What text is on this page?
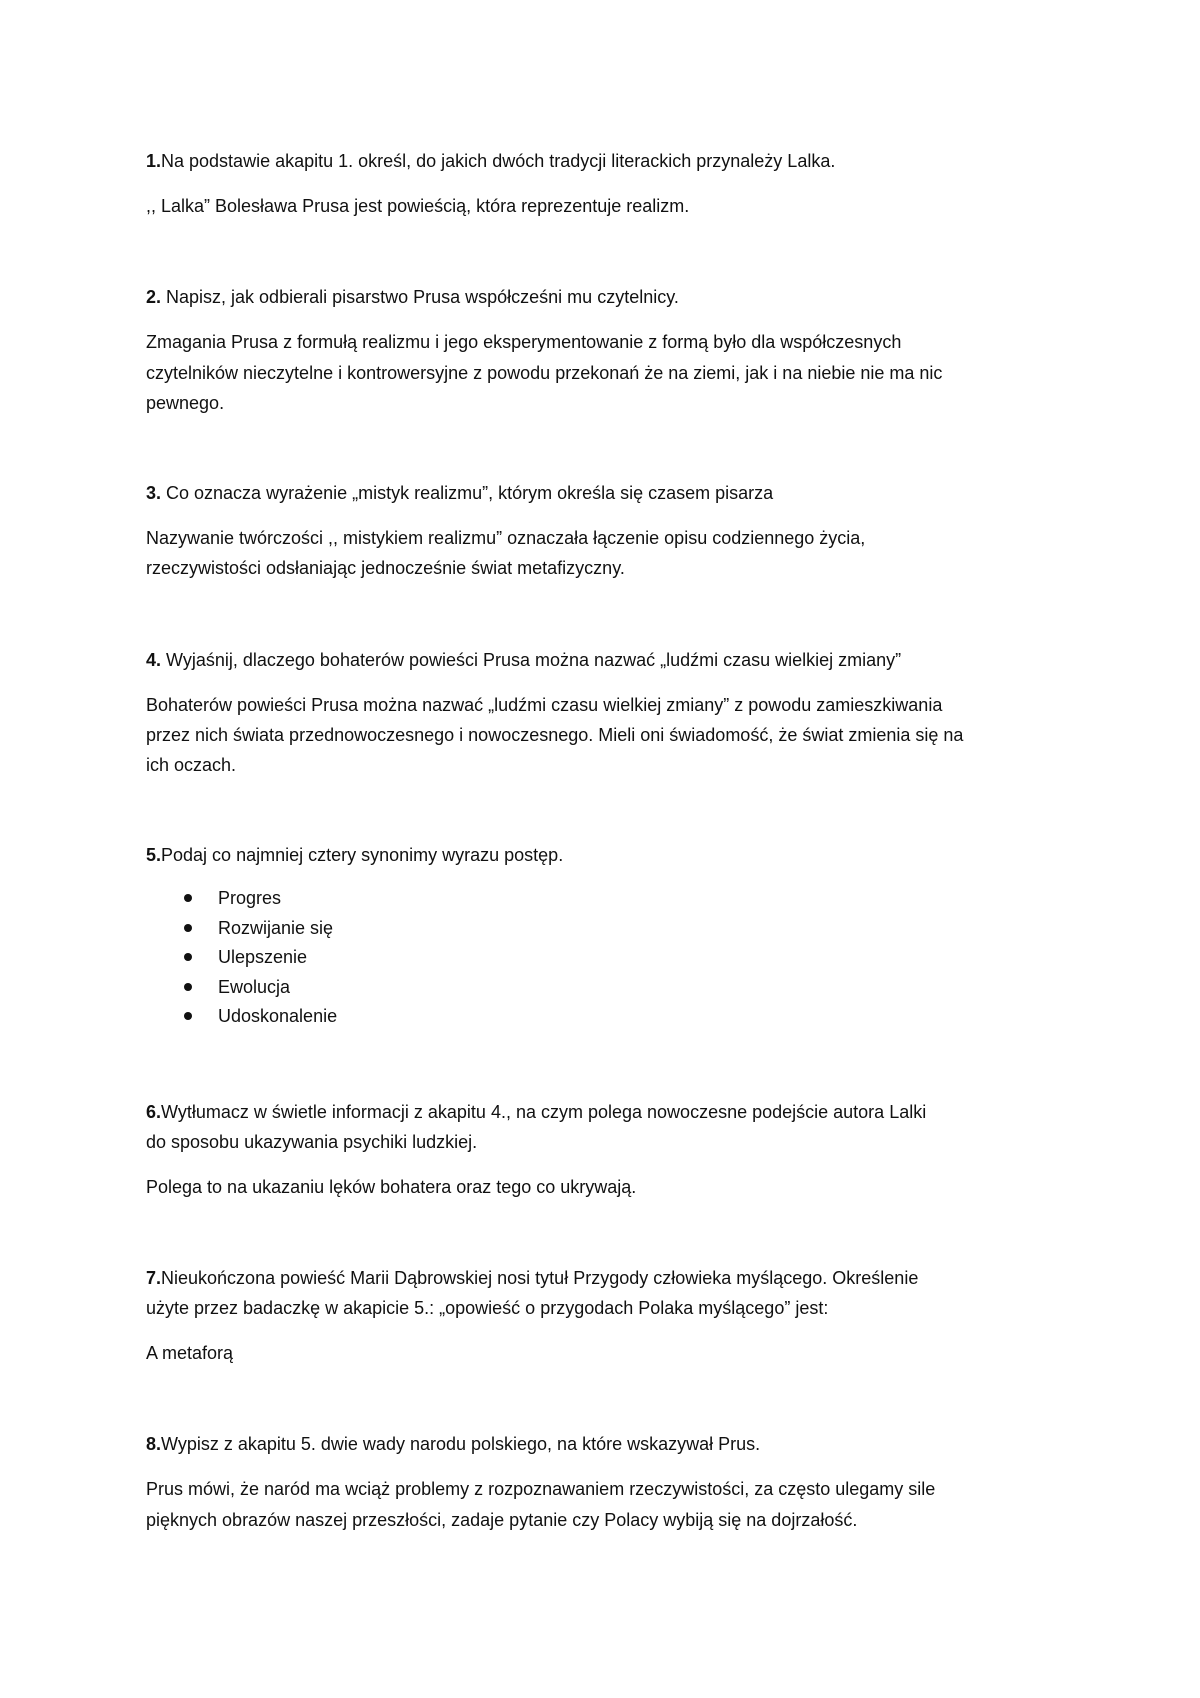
1.Na podstawie akapitu 1. określ, do jakich dwóch tradycji literackich przynależy Lalka.

,, Lalka” Bolesława Prusa jest powieścią, która reprezentuje realizm.

2. Napisz, jak odbierali pisarstwo Prusa współcześni mu czytelnicy.

Zmagania Prusa z formułą realizmu i jego eksperymentowanie z formą było dla współczesnych

czytelników nieczytelne i kontrowersyjne z powodu przekonań że na ziemi, jak i na niebie nie ma nic

pewnego.

3. Co oznacza wyrażenie „mistyk realizmu”, którym określa się czasem pisarza

Nazywanie twórczości ,, mistykiem realizmu” oznaczała łączenie opisu codziennego życia,

rzeczywistości odsłaniając jednocześnie świat metafizyczny.

4. Wyjaśnij, dlaczego bohaterów powieści Prusa można nazwać „ludźmi czasu wielkiej zmiany”

Bohaterów powieści Prusa można nazwać „ludźmi czasu wielkiej zmiany” z powodu zamieszkiwania

przez nich świata przednowoczesnego i nowoczesnego. Mieli oni świadomość, że świat zmienia się na

ich oczach.

5.Podaj co najmniej cztery synonimy wyrazu postęp.

Progres
Rozwijanie się
Ulepszenie
Ewolucja
Udoskonalenie

6.Wytłumacz w świetle informacji z akapitu 4., na czym polega nowoczesne podejście autora Lalki

do sposobu ukazywania psychiki ludzkiej.

Polega to na ukazaniu lęków bohatera oraz tego co ukrywają.

7.Nieukończona powieść Marii Dąbrowskiej nosi tytuł Przygody człowieka myślącego. Określenie

użyte przez badaczkę w akapicie 5.: „opowieść o przygodach Polaka myślącego” jest:

A metaforą

8.Wypisz z akapitu 5. dwie wady narodu polskiego, na które wskazywał Prus.

Prus mówi, że naród ma wciąż problemy z rozpoznawaniem rzeczywistości, za często ulegamy sile

pięknych obrazów naszej przeszłości, zadaje pytanie czy Polacy wybiją się na dojrzałość.
